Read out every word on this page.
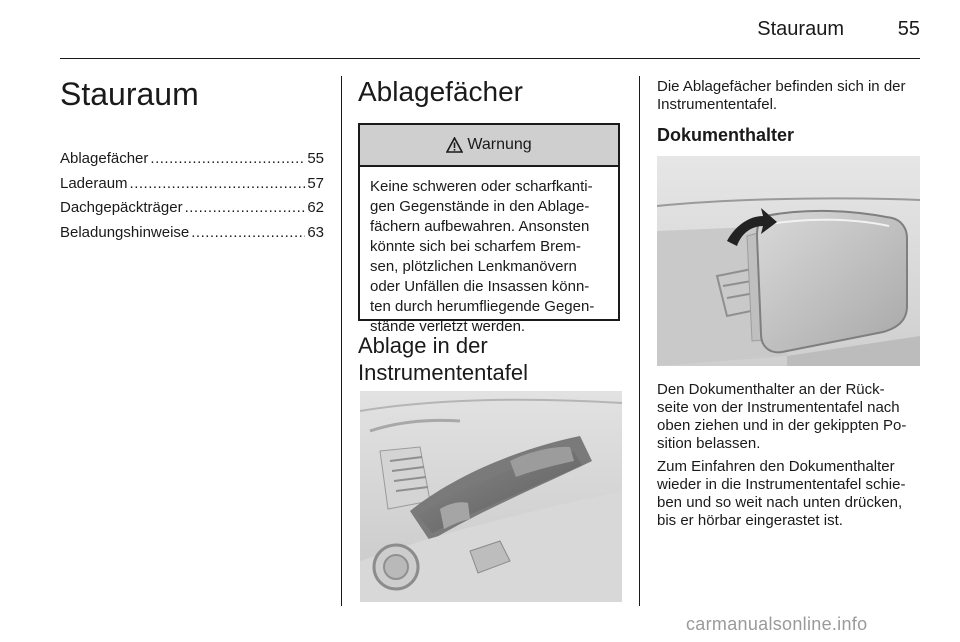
Stauraum	55
Stauraum
Ablagefächer .....	55
Laderaum .....	57
Dachgepäckträger .....	62
Beladungshinweise .....	63
Ablagefächer
Warnung
Keine schweren oder scharfkanti-
gen Gegenstände in den Ablage-
fächern aufbewahren. Ansonsten
könnte sich bei scharfem Brem-
sen, plötzlichen Lenkmanövern
oder Unfällen die Insassen könn-
ten durch herumfliegende Gegen-
stände verletzt werden.
Ablage in der
Instrumententafel
Die Ablagefächer befinden sich in der
Instrumententafel.
Dokumenthalter
Den Dokumenthalter an der Rück-
seite von der Instrumententafel nach
oben ziehen und in der gekippten Po-
sition belassen.
Zum Einfahren den Dokumenthalter
wieder in die Instrumententafel schie-
ben und so weit nach unten drücken,
bis er hörbar eingerastet ist.
carmanualsonline.info
